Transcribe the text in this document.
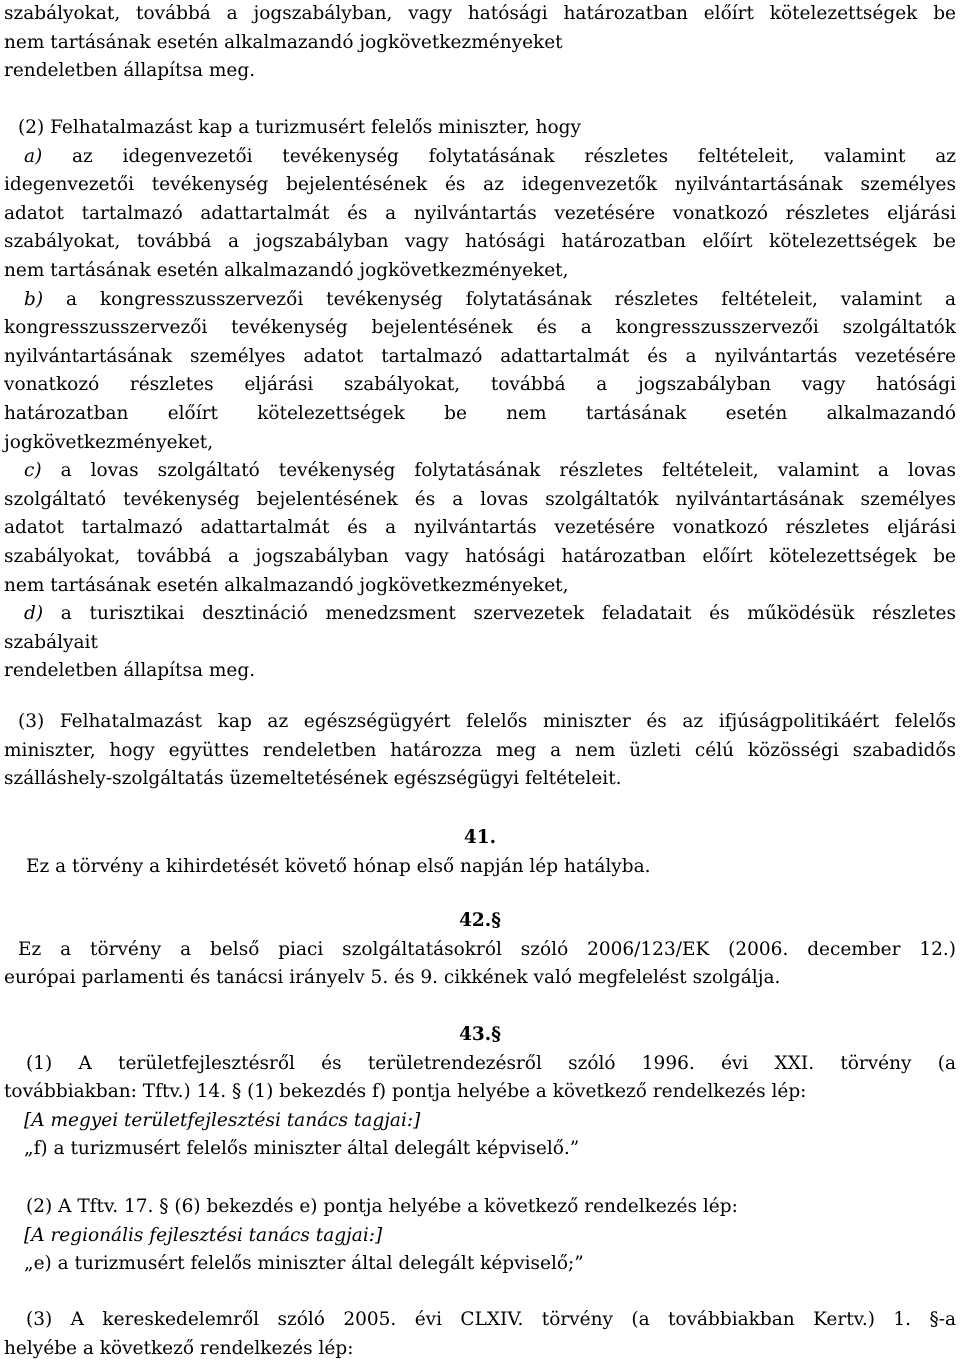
szabályokat, továbbá a jogszabályban, vagy hatósági határozatban előírt kötelezettségek be
nem tartásának esetén alkalmazandó jogkövetkezményeket
rendeletben állapítsa meg.
(2) Felhatalmazást kap a turizmusért felelős miniszter, hogy
a) az idegenvezetői tevékenység folytatásának részletes feltételeit, valamint az
idegenvezetői tevékenység bejelentésének és az idegenvezetők nyilvántartásának személyes
adatot tartalmazó adattartalmát és a nyilvántartás vezetésére vonatkozó részletes eljárási
szabályokat, továbbá a jogszabályban vagy hatósági határozatban előírt kötelezettségek be
nem tartásának esetén alkalmazandó jogkövetkezményeket,
b) a kongresszusszervezői tevékenység folytatásának részletes feltételeit, valamint a
kongresszusszervezői tevékenység bejelentésének és a kongresszusszervezői szolgáltatók
nyilvántartásának személyes adatot tartalmazó adattartalmát és a nyilvántartás vezetésére
vonatkozó részletes eljárási szabályokat, továbbá a jogszabályban vagy hatósági
határozatban előírt kötelezettségek be nem tartásának esetén alkalmazandó
jogkövetkezményeket,
c) a lovas szolgáltató tevékenység folytatásának részletes feltételeit, valamint a lovas
szolgáltató tevékenység bejelentésének és a lovas szolgáltatók nyilvántartásának személyes
adatot tartalmazó adattartalmát és a nyilvántartás vezetésére vonatkozó részletes eljárási
szabályokat, továbbá a jogszabályban vagy hatósági határozatban előírt kötelezettségek be
nem tartásának esetén alkalmazandó jogkövetkezményeket,
d) a turisztikai desztináció menedzsment szervezetek feladatait és működésük részletes
szabályait
rendeletben állapítsa meg.
(3) Felhatalmazást kap az egészségügyért felelős miniszter és az ifjúságpolitikáért felelős
miniszter, hogy együttes rendeletben határozza meg a nem üzleti célú közösségi szabadidős
szálláshely-szolgáltatás üzemeltetésének egészségügyi feltételeit.
41.
Ez a törvény a kihirdetését követő hónap első napján lép hatályba.
42.§
Ez a törvény a belső piaci szolgáltatásokról szóló 2006/123/EK (2006. december 12.)
európai parlamenti és tanácsi irányelv 5. és 9. cikkének való megfelelést szolgálja.
43.§
(1) A területfejlesztésről és területrendezésről szóló 1996. évi XXI. törvény (a
továbbiakban: Tftv.) 14. § (1) bekezdés f) pontja helyébe a következő rendelkezés lép:
[A megyei területfejlesztési tanács tagjai:]
„f) a turizmusért felelős miniszter által delegált képviselő.”
(2) A Tftv. 17. § (6) bekezdés e) pontja helyébe a következő rendelkezés lép:
[A regionális fejlesztési tanács tagjai:]
„e) a turizmusért felelős miniszter által delegált képviselő;”
(3) A kereskedelemről szóló 2005. évi CLXIV. törvény (a továbbiakban Kertv.) 1. §-a
helyébe a következő rendelkezés lép:
